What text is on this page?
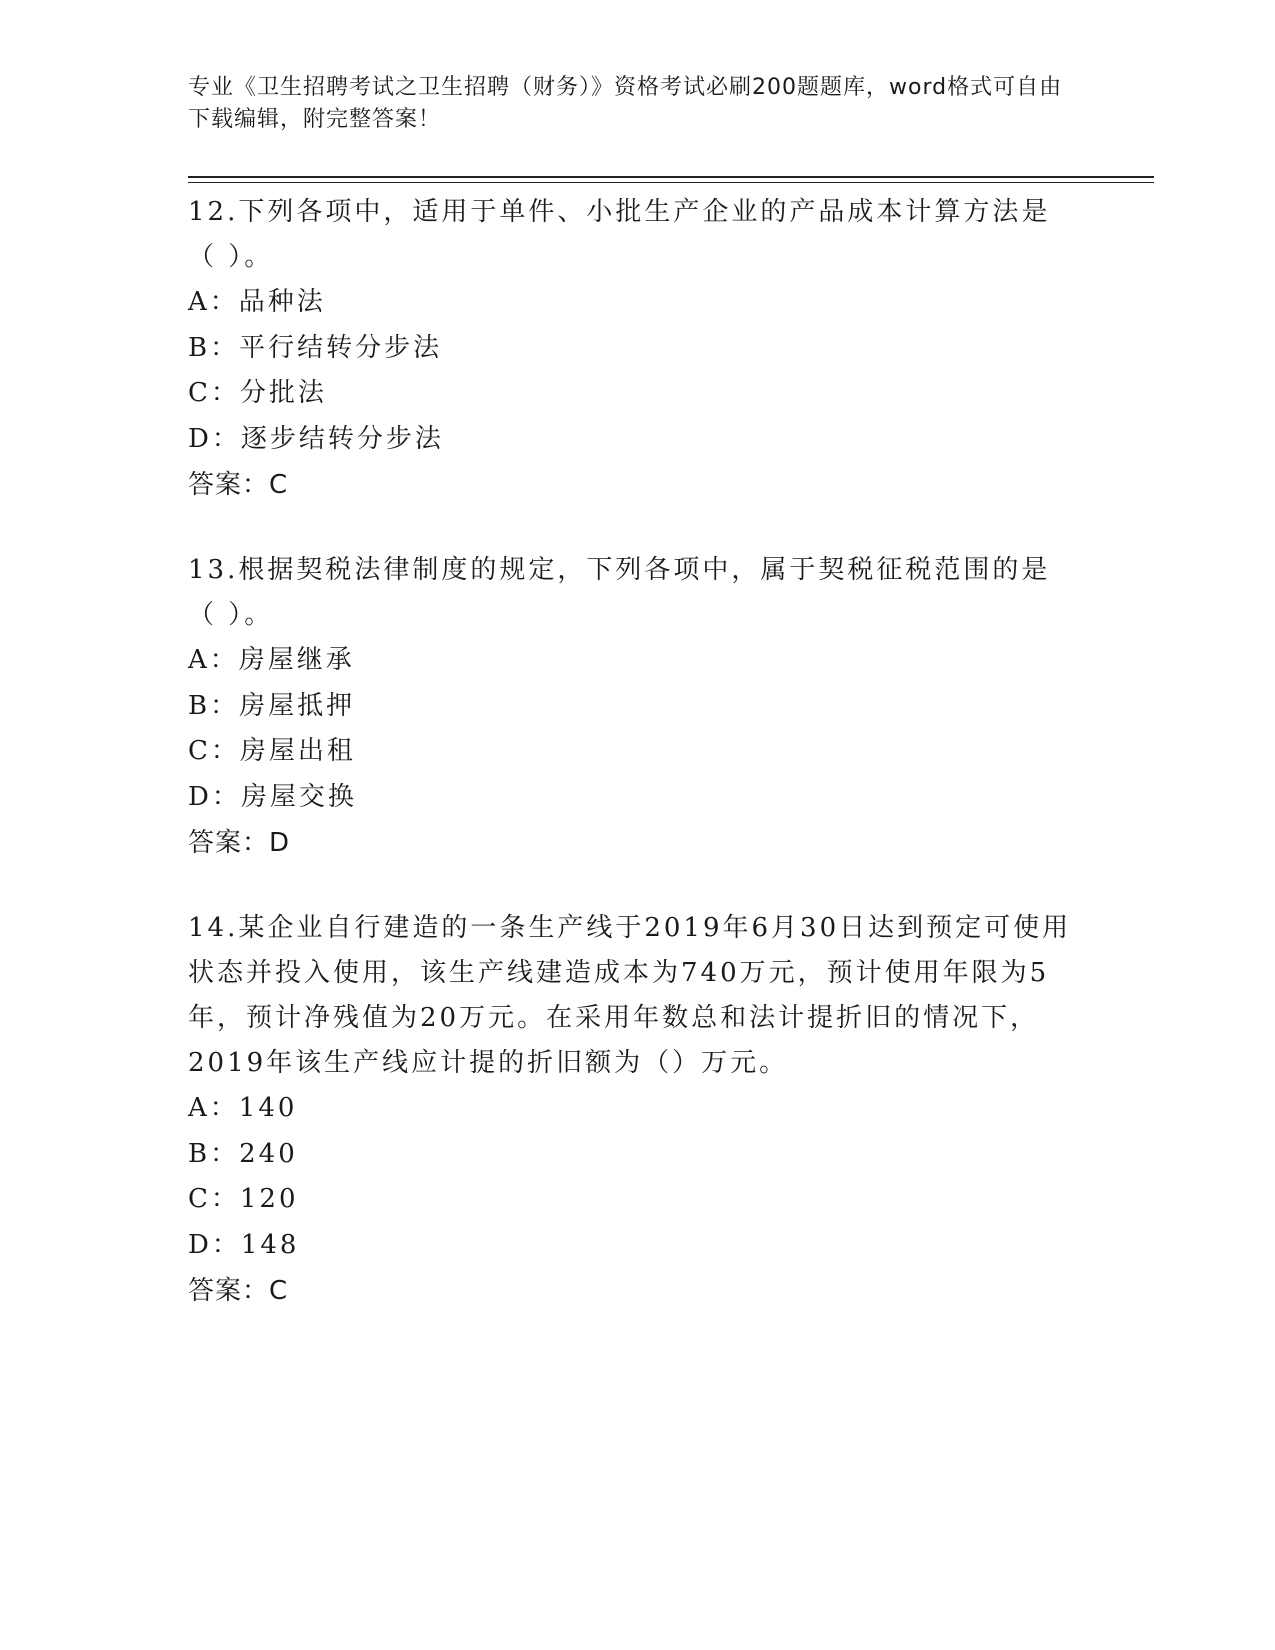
专业《卫生招聘考试之卫生招聘（财务）》资格考试必刷200题题库，word格式可自由下载编辑，附完整答案！

12.下列各项中，适用于单件、小批生产企业的产品成本计算方法是（ ）。

A：品种法

B：平行结转分步法

C：分批法

D：逐步结转分步法

答案：C

13.根据契税法律制度的规定，下列各项中，属于契税征税范围的是（ ）。

A：房屋继承

B：房屋抵押

C：房屋出租

D：房屋交换

答案：D

14.某企业自行建造的一条生产线于2019年6月30日达到预定可使用状态并投入使用，该生产线建造成本为740万元，预计使用年限为5年，预计净残值为20万元。在采用年数总和法计提折旧的情况下，2019年该生产线应计提的折旧额为（）万元。

A：140

B：240

C：120

D：148

答案：C
